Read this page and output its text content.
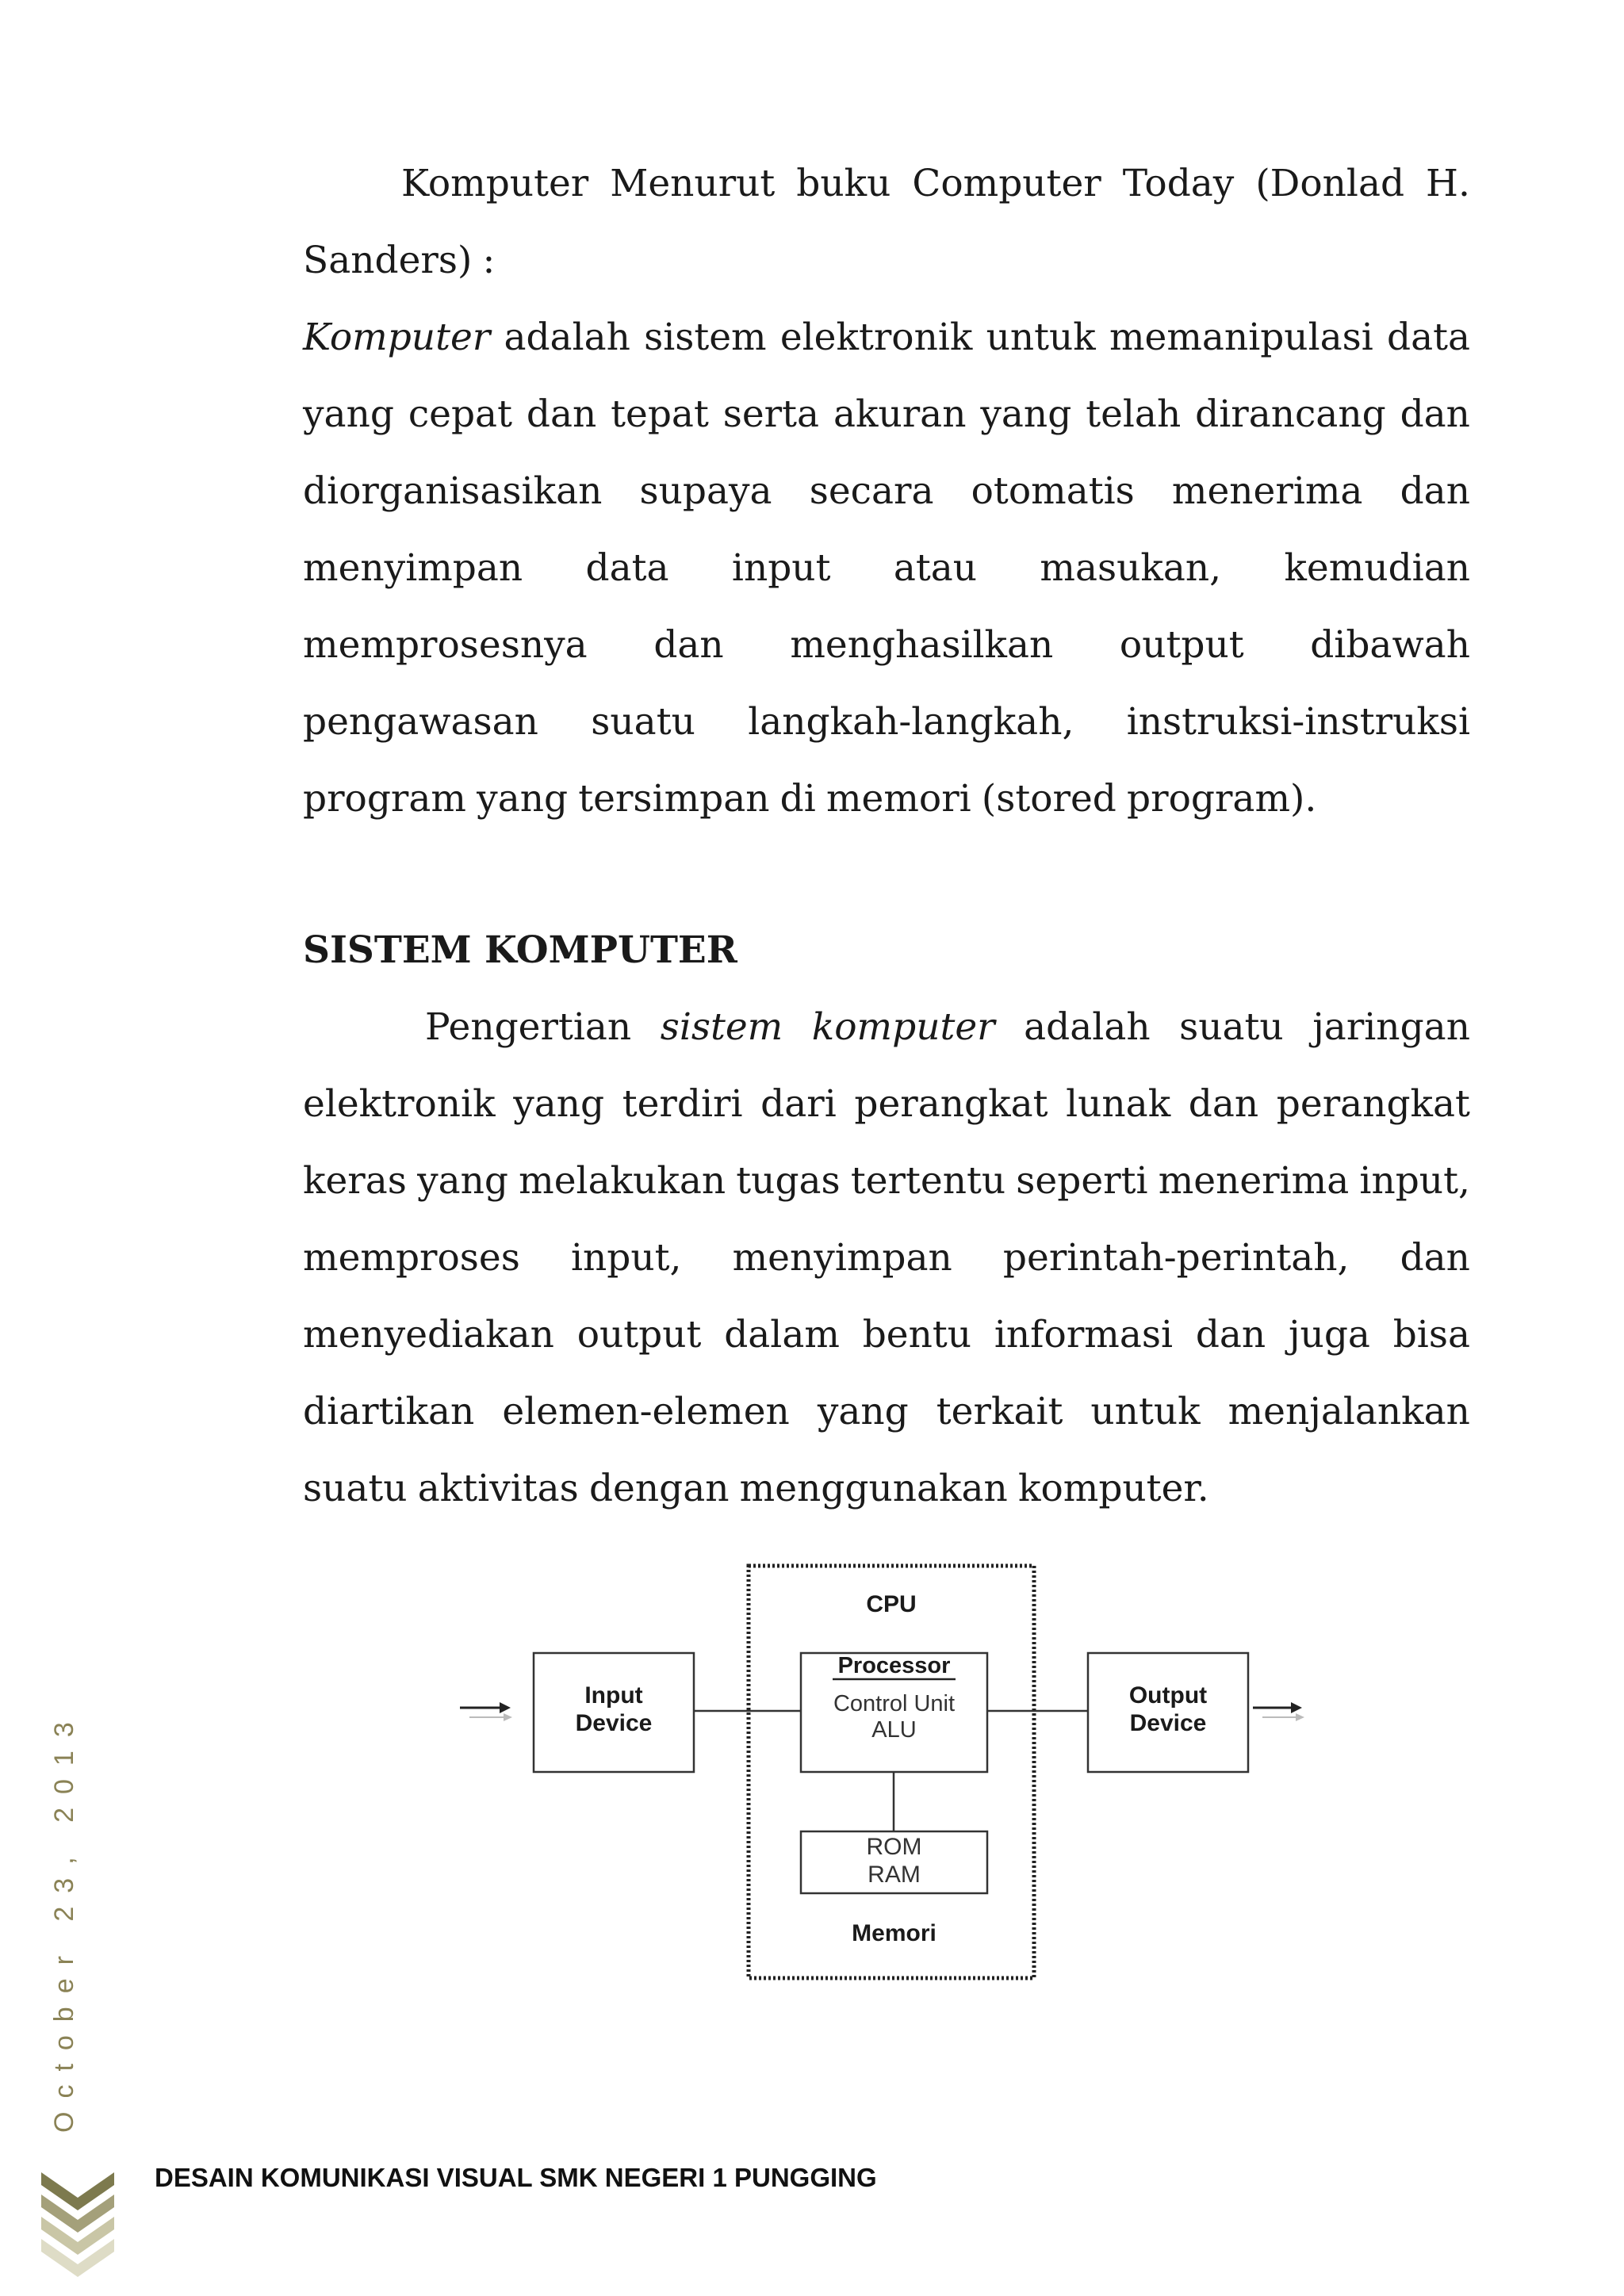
Komputer Menurut buku Computer Today (Donlad H.
Sanders) :
Komputer adalah sistem elektronik untuk memanipulasi data
yang cepat dan tepat serta akuran yang telah dirancang dan
diorganisasikan supaya secara otomatis menerima dan
menyimpan data input atau masukan, kemudian
memprosesnya dan menghasilkan output dibawah
pengawasan suatu langkah-langkah, instruksi-instruksi
program yang tersimpan di memori (stored program).
SISTEM KOMPUTER
Pengertian sistem komputer adalah suatu jaringan
elektronik yang terdiri dari perangkat lunak dan perangkat
keras yang melakukan tugas tertentu seperti menerima input,
memproses input, menyimpan perintah-perintah, dan
menyediakan output dalam bentu informasi dan juga bisa
diartikan elemen-elemen yang terkait untuk menjalankan
suatu aktivitas dengan menggunakan komputer.
CPU
Input
Device
Output
Device
Processor
Control Unit
ALU
ROM
RAM
Memori
October 23, 2013
DESAIN KOMUNIKASI VISUAL SMK NEGERI 1 PUNGGING
